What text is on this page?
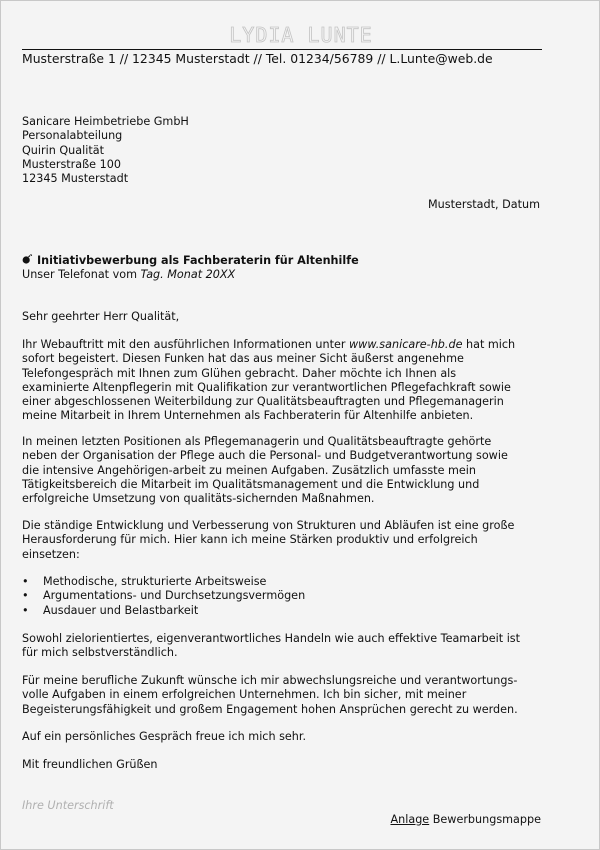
LYDIA LUNTE
Musterstraße 1 // 12345 Musterstadt // Tel. 01234/56789 // L.Lunte@web.de
Sanicare Heimbetriebe GmbH
Personalabteilung
Quirin Qualität
Musterstraße 100
12345 Musterstadt
Musterstadt, Datum
Initiativbewerbung als Fachberaterin für Altenhilfe
Unser Telefonat vom Tag. Monat 20XX
Sehr geehrter Herr Qualität,
Ihr Webauftritt mit den ausführlichen Informationen unter www.sanicare-hb.de hat mich
sofort begeistert. Diesen Funken hat das aus meiner Sicht äußerst angenehme
Telefongespräch mit Ihnen zum Glühen gebracht. Daher möchte ich Ihnen als
examinierte Altenpflegerin mit Qualifikation zur verantwortlichen Pflegefachkraft sowie
einer abgeschlossenen Weiterbildung zur Qualitätsbeauftragten und Pflegemanagerin
meine Mitarbeit in Ihrem Unternehmen als Fachberaterin für Altenhilfe anbieten.
In meinen letzten Positionen als Pflegemanagerin und Qualitätsbeauftragte gehörte
neben der Organisation der Pflege auch die Personal- und Budgetverantwortung sowie
die intensive Angehörigen-arbeit zu meinen Aufgaben. Zusätzlich umfasste mein
Tätigkeitsbereich die Mitarbeit im Qualitätsmanagement und die Entwicklung und
erfolgreiche Umsetzung von qualitäts-sichernden Maßnahmen.
Die ständige Entwicklung und Verbesserung von Strukturen und Abläufen ist eine große
Herausforderung für mich. Hier kann ich meine Stärken produktiv und erfolgreich
einsetzen:
• Methodische, strukturierte Arbeitsweise
• Argumentations- und Durchsetzungsvermögen
• Ausdauer und Belastbarkeit
Sowohl zielorientiertes, eigenverantwortliches Handeln wie auch effektive Teamarbeit ist
für mich selbstverständlich.
Für meine berufliche Zukunft wünsche ich mir abwechslungsreiche und verantwortungs-
volle Aufgaben in einem erfolgreichen Unternehmen. Ich bin sicher, mit meiner
Begeisterungsfähigkeit und großem Engagement hohen Ansprüchen gerecht zu werden.
Auf ein persönliches Gespräch freue ich mich sehr.
Mit freundlichen Grüßen
Ihre Unterschrift
Anlage Bewerbungsmappe
